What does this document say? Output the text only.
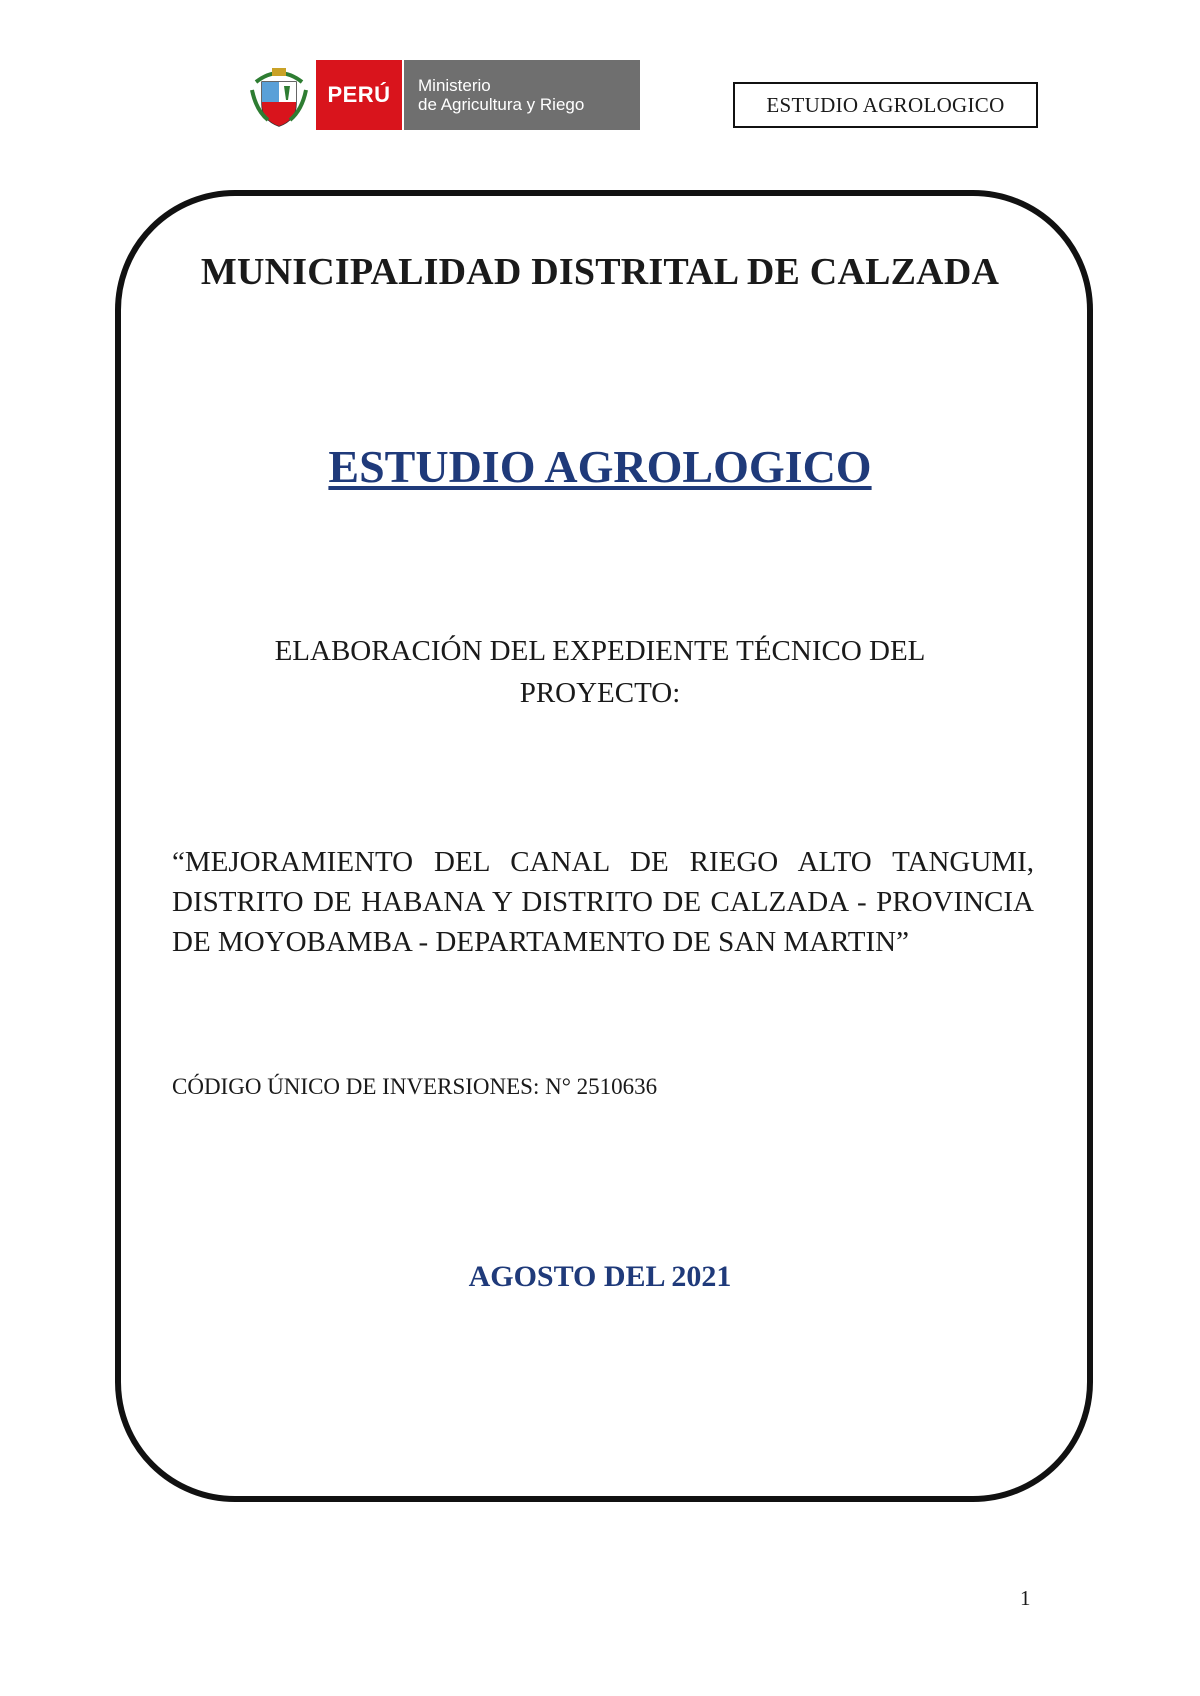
PERÚ	Ministerio
de Agricultura y Riego	ESTUDIO AGROLOGICO
MUNICIPALIDAD DISTRITAL DE CALZADA
ESTUDIO AGROLOGICO
ELABORACIÓN DEL EXPEDIENTE TÉCNICO DEL PROYECTO:
“MEJORAMIENTO DEL CANAL DE RIEGO ALTO TANGUMI, DISTRITO DE HABANA Y DISTRITO DE CALZADA - PROVINCIA DE MOYOBAMBA - DEPARTAMENTO DE SAN MARTIN”
CÓDIGO ÚNICO DE INVERSIONES: N° 2510636
AGOSTO DEL 2021
1
